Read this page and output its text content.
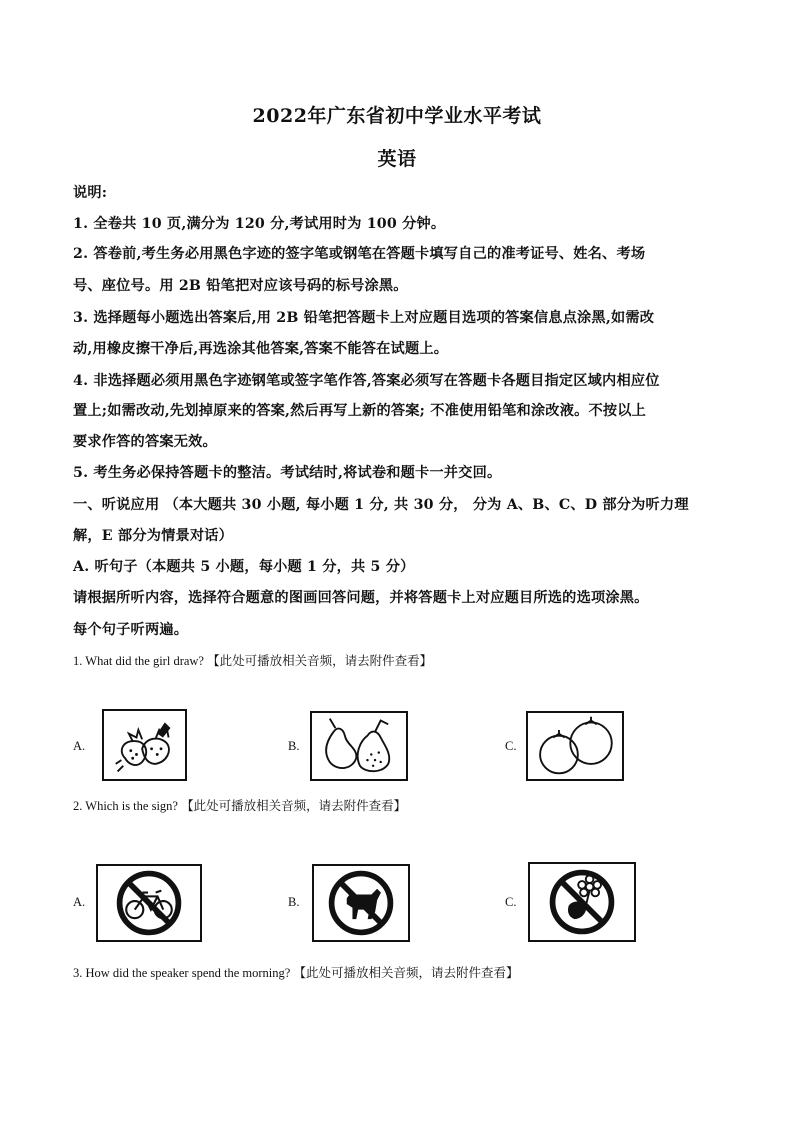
2022年广东省初中学业水平考试
英语
说明:
1. 全卷共 10 页,满分为 120 分,考试用时为 100 分钟。
2. 答卷前,考生务必用黑色字迹的签字笔或钢笔在答题卡填写自己的准考证号、姓名、考场
号、座位号。用 2B 铅笔把对应该号码的标号涂黑。
3. 选择题每小题选出答案后,用 2B 铅笔把答题卡上对应题目选项的答案信息点涂黑,如需改
动,用橡皮擦干净后,再选涂其他答案,答案不能答在试题上。
4. 非选择题必须用黑色字迹钢笔或签字笔作答,答案必须写在答题卡各题目指定区域内相应位
置上;如需改动,先划掉原来的答案,然后再写上新的答案; 不准使用铅笔和涂改液。不按以上
要求作答的答案无效。
5. 考生务必保持答题卡的整洁。考试结时,将试卷和题卡一并交回。
一、听说应用 （本大题共 30 小题, 每小题 1 分, 共 30 分， 分为 A、B、C、D 部分为听力理
解，E 部分为情景对话）
A. 听句子（本题共 5 小题，每小题 1 分，共 5 分）
请根据所听内容，选择符合题意的图画回答问题，并将答题卡上对应题目所选的选项涂黑。
每个句子听两遍。
1. What did the girl draw? 【此处可播放相关音频，请去附件查看】
A.	B.	C.
2. Which is the sign? 【此处可播放相关音频，请去附件查看】
A.	B.	C.
3. How did the speaker spend the morning? 【此处可播放相关音频，请去附件查看】
